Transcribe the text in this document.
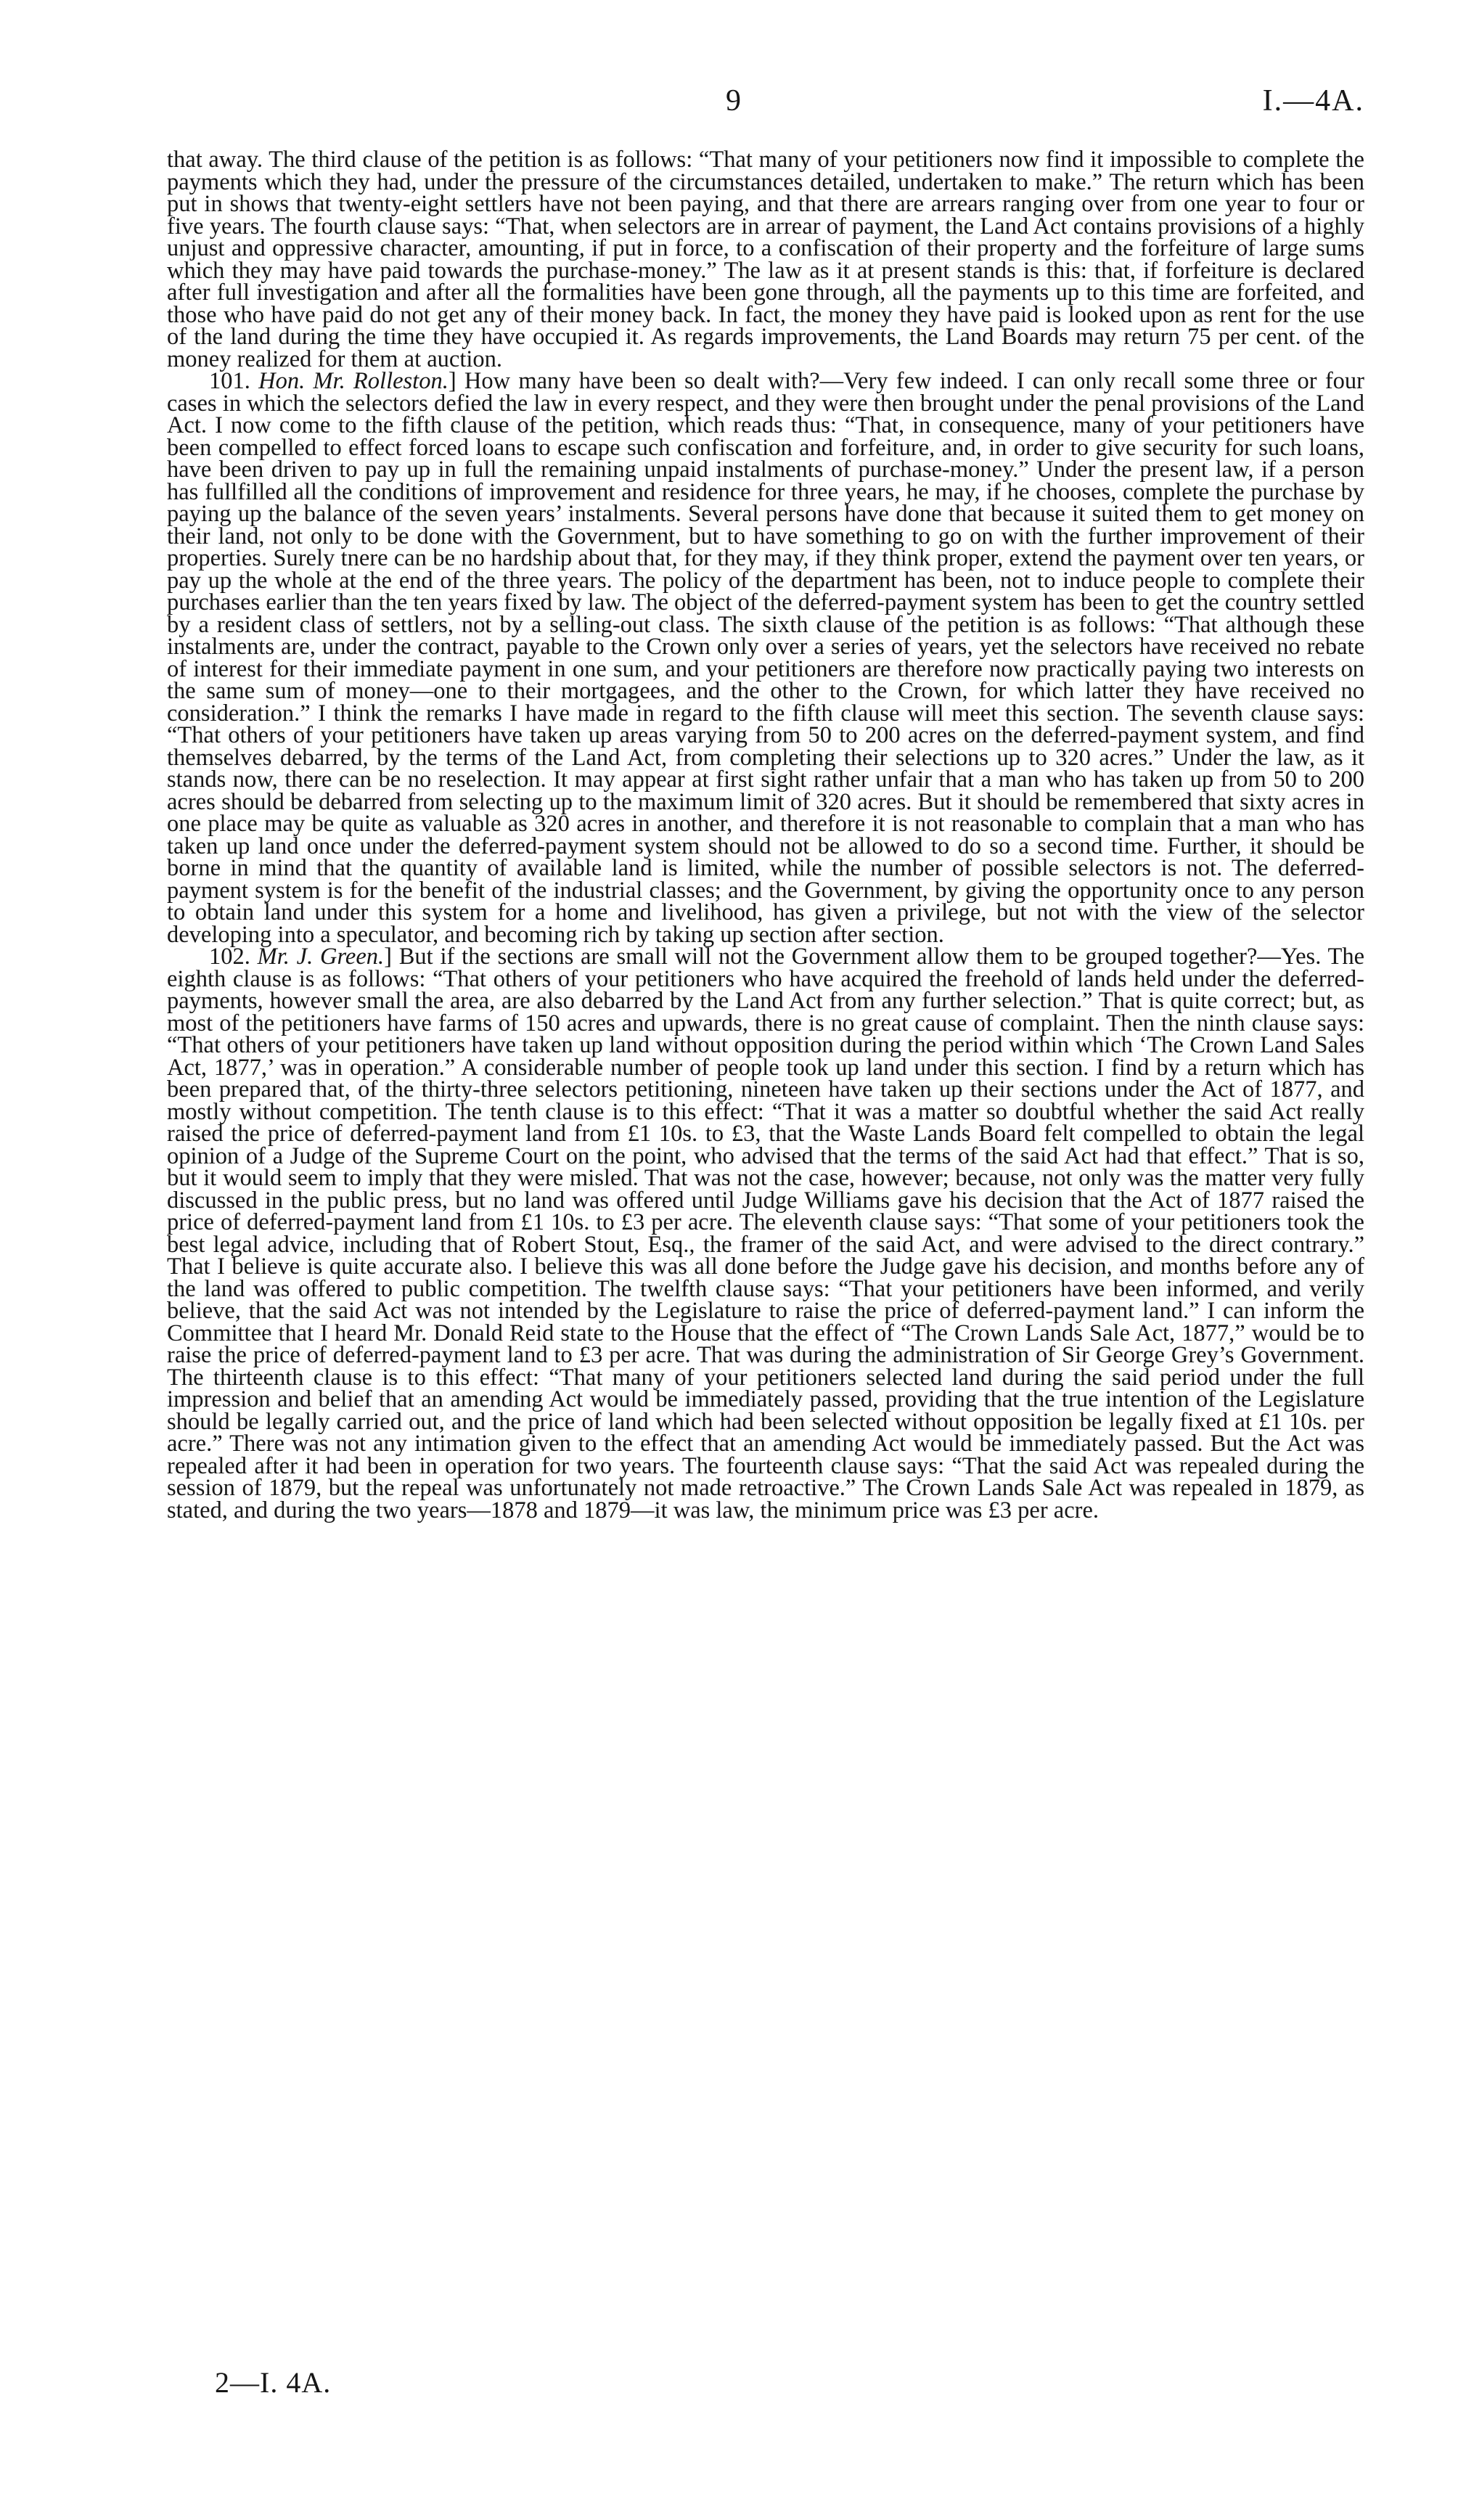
9	I.—4A.

that away. The third clause of the petition is as follows: “That many of your petitioners now find it impossible to complete the payments which they had, under the pressure of the circumstances detailed, undertaken to make.” The return which has been put in shows that twenty-eight settlers have not been paying, and that there are arrears ranging over from one year to four or five years. The fourth clause says: “That, when selectors are in arrear of payment, the Land Act contains provisions of a highly unjust and oppressive character, amounting, if put in force, to a confiscation of their property and the forfeiture of large sums which they may have paid towards the purchase-money.” The law as it at present stands is this: that, if forfeiture is declared after full investigation and after all the formalities have been gone through, all the payments up to this time are forfeited, and those who have paid do not get any of their money back. In fact, the money they have paid is looked upon as rent for the use of the land during the time they have occupied it. As regards improvements, the Land Boards may return 75 per cent. of the money realized for them at auction.

101. Hon. Mr. Rolleston.] How many have been so dealt with?—Very few indeed. I can only recall some three or four cases in which the selectors defied the law in every respect, and they were then brought under the penal provisions of the Land Act. I now come to the fifth clause of the petition, which reads thus: “That, in consequence, many of your petitioners have been compelled to effect forced loans to escape such confiscation and forfeiture, and, in order to give security for such loans, have been driven to pay up in full the remaining unpaid instalments of purchase-money.” Under the present law, if a person has fullfilled all the conditions of improvement and residence for three years, he may, if he chooses, complete the purchase by paying up the balance of the seven years’ instalments. Several persons have done that because it suited them to get money on their land, not only to be done with the Government, but to have something to go on with the further improvement of their properties. Surely tnere can be no hardship about that, for they may, if they think proper, extend the payment over ten years, or pay up the whole at the end of the three years. The policy of the department has been, not to induce people to complete their purchases earlier than the ten years fixed by law. The object of the deferred-payment system has been to get the country settled by a resident class of settlers, not by a selling-out class. The sixth clause of the petition is as follows: “That although these instalments are, under the contract, payable to the Crown only over a series of years, yet the selectors have received no rebate of interest for their immediate payment in one sum, and your petitioners are therefore now practically paying two interests on the same sum of money—one to their mortgagees, and the other to the Crown, for which latter they have received no consideration.” I think the remarks I have made in regard to the fifth clause will meet this section. The seventh clause says: “That others of your petitioners have taken up areas varying from 50 to 200 acres on the deferred-payment system, and find themselves debarred, by the terms of the Land Act, from completing their selections up to 320 acres.” Under the law, as it stands now, there can be no reselection. It may appear at first sight rather unfair that a man who has taken up from 50 to 200 acres should be debarred from selecting up to the maximum limit of 320 acres. But it should be remembered that sixty acres in one place may be quite as valuable as 320 acres in another, and therefore it is not reasonable to complain that a man who has taken up land once under the deferred-payment system should not be allowed to do so a second time. Further, it should be borne in mind that the quantity of available land is limited, while the number of possible selectors is not. The deferred-payment system is for the benefit of the industrial classes; and the Government, by giving the opportunity once to any person to obtain land under this system for a home and livelihood, has given a privilege, but not with the view of the selector developing into a speculator, and becoming rich by taking up section after section.

102. Mr. J. Green.] But if the sections are small will not the Government allow them to be grouped together?—Yes. The eighth clause is as follows: “That others of your petitioners who have acquired the freehold of lands held under the deferred-payments, however small the area, are also debarred by the Land Act from any further selection.” That is quite correct; but, as most of the petitioners have farms of 150 acres and upwards, there is no great cause of complaint. Then the ninth clause says: “That others of your petitioners have taken up land without opposition during the period within which ‘The Crown Land Sales Act, 1877,’ was in operation.” A considerable number of people took up land under this section. I find by a return which has been prepared that, of the thirty-three selectors petitioning, nineteen have taken up their sections under the Act of 1877, and mostly without competition. The tenth clause is to this effect: “That it was a matter so doubtful whether the said Act really raised the price of deferred-payment land from £1 10s. to £3, that the Waste Lands Board felt compelled to obtain the legal opinion of a Judge of the Supreme Court on the point, who advised that the terms of the said Act had that effect.” That is so, but it would seem to imply that they were misled. That was not the case, however; because, not only was the matter very fully discussed in the public press, but no land was offered until Judge Williams gave his decision that the Act of 1877 raised the price of deferred-payment land from £1 10s. to £3 per acre. The eleventh clause says: “That some of your petitioners took the best legal advice, including that of Robert Stout, Esq., the framer of the said Act, and were advised to the direct contrary.” That I believe is quite accurate also. I believe this was all done before the Judge gave his decision, and months before any of the land was offered to public competition. The twelfth clause says: “That your petitioners have been informed, and verily believe, that the said Act was not intended by the Legislature to raise the price of deferred-payment land.” I can inform the Committee that I heard Mr. Donald Reid state to the House that the effect of “The Crown Lands Sale Act, 1877,” would be to raise the price of deferred-payment land to £3 per acre. That was during the administration of Sir George Grey’s Government. The thirteenth clause is to this effect: “That many of your petitioners selected land during the said period under the full impression and belief that an amending Act would be immediately passed, providing that the true intention of the Legislature should be legally carried out, and the price of land which had been selected without opposition be legally fixed at £1 10s. per acre.” There was not any intimation given to the effect that an amending Act would be immediately passed. But the Act was repealed after it had been in operation for two years. The fourteenth clause says: “That the said Act was repealed during the session of 1879, but the repeal was unfortunately not made retroactive.” The Crown Lands Sale Act was repealed in 1879, as stated, and during the two years—1878 and 1879—it was law, the minimum price was £3 per acre.

2—I. 4A.
